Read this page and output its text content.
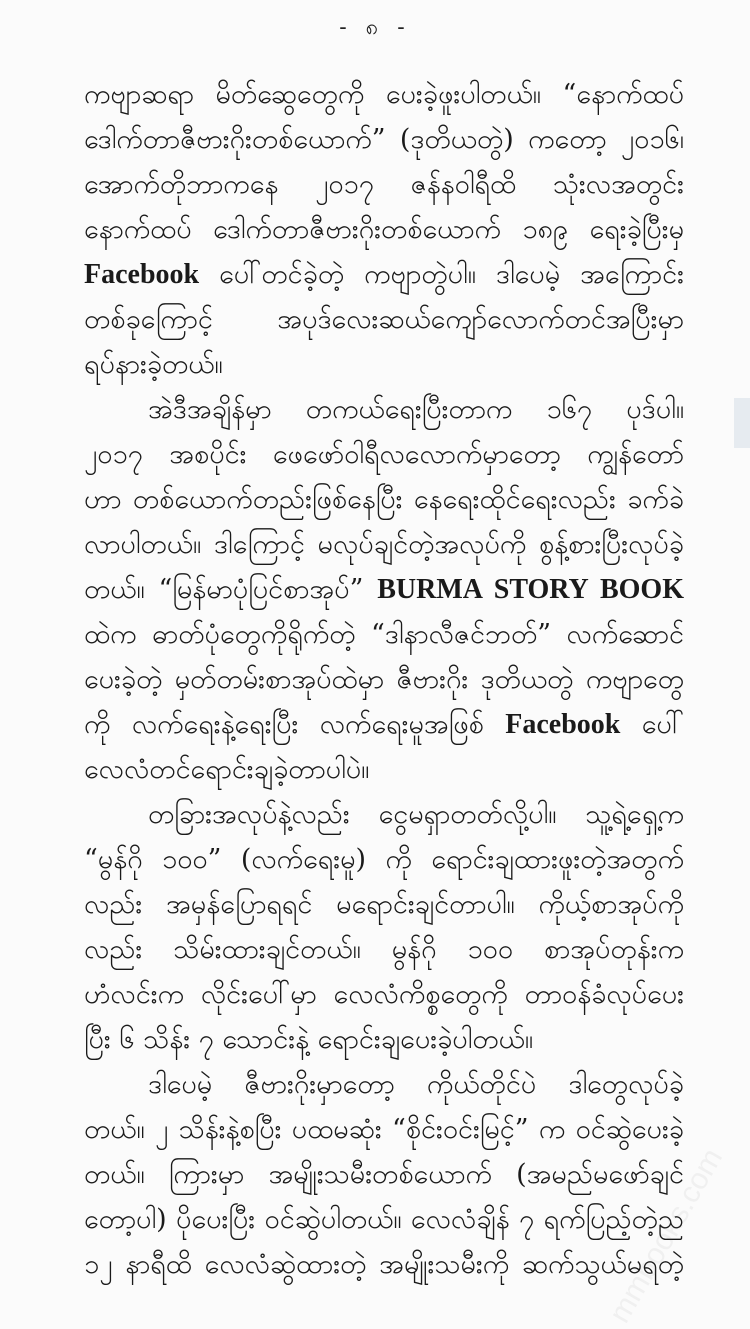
- ၈ -
ကဗျာဆရာ မိတ်ဆွေတွေကို ပေးခဲ့ဖူးပါတယ်။ “နောက်ထပ်
ဒေါက်တာဇီဗားဂိုးတစ်ယောက်” (ဒုတိယတွဲ) ကတော့ ၂၀၁၆၊
အောက်တိုဘာကနေ ၂၀၁၇ ဇန်နဝါရီထိ သုံးလအတွင်း
နောက်ထပ် ဒေါက်တာဇီဗားဂိုးတစ်ယောက် ၁၈၉ ရေးခဲ့ပြီးမှ
Facebook ပေါ်တင်ခဲ့တဲ့ ကဗျာတွဲပါ။ ဒါပေမဲ့ အကြောင်း
တစ်ခုကြောင့် အပုဒ်လေးဆယ်ကျော်လောက်တင်အပြီးမှာ
ရပ်နားခဲ့တယ်။
အဲဒီအချိန်မှာ တကယ်ရေးပြီးတာက ၁၆၇ ပုဒ်ပါ။
၂၀၁၇ အစပိုင်း ဖေဖော်ဝါရီလလောက်မှာတော့ ကျွန်တော်
ဟာ တစ်ယောက်တည်းဖြစ်နေပြီး နေရေးထိုင်ရေးလည်း ခက်ခဲ
လာပါတယ်။ ဒါကြောင့် မလုပ်ချင်တဲ့အလုပ်ကို စွန့်စားပြီးလုပ်ခဲ့
တယ်။ “မြန်မာပုံပြင်စာအုပ်” BURMA STORY BOOK
ထဲက ဓာတ်ပုံတွေကိုရိုက်တဲ့ “ဒါနာလီဇင်ဘတ်” လက်ဆောင်
ပေးခဲ့တဲ့ မှတ်တမ်းစာအုပ်ထဲမှာ ဇီဗားဂိုး ဒုတိယတွဲ ကဗျာတွေ
ကို လက်ရေးနဲ့ရေးပြီး လက်ရေးမူအဖြစ် Facebook ပေါ်
လေလံတင်ရောင်းချခဲ့တာပါပဲ။
တခြားအလုပ်နဲ့လည်း ငွေမရှာတတ်လို့ပါ။ သူ့ရဲ့ရှေ့က
“မွန်ဂို ၁၀၀” (လက်ရေးမူ) ကို ရောင်းချထားဖူးတဲ့အတွက်
လည်း အမှန်ပြောရရင် မရောင်းချင်တာပါ။ ကိုယ့်စာအုပ်ကို
လည်း သိမ်းထားချင်တယ်။ မွန်ဂို ၁၀၀ စာအုပ်တုန်းက
ဟံလင်းက လိုင်းပေါ်မှာ လေလံကိစ္စတွေကို တာဝန်ခံလုပ်ပေး
ပြီး ၆ သိန်း ၇ သောင်းနဲ့ ရောင်းချပေးခဲ့ပါတယ်။
ဒါပေမဲ့ ဇီဗားဂိုးမှာတော့ ကိုယ်တိုင်ပဲ ဒါတွေလုပ်ခဲ့
တယ်။ ၂ သိန်းနဲ့စပြီး ပထမဆုံး “စိုင်းဝင်းမြင့်” က ဝင်ဆွဲပေးခဲ့
တယ်။ ကြားမှာ အမျိုးသမီးတစ်ယောက် (အမည်မဖော်ချင်
တော့ပါ) ပိုပေးပြီး ဝင်ဆွဲပါတယ်။ လေလံချိန် ၇ ရက်ပြည့်တဲ့ည
၁၂ နာရီထိ လေလံဆွဲထားတဲ့ အမျိုးသမီးကို ဆက်သွယ်မရတဲ့
mmbooks.com
